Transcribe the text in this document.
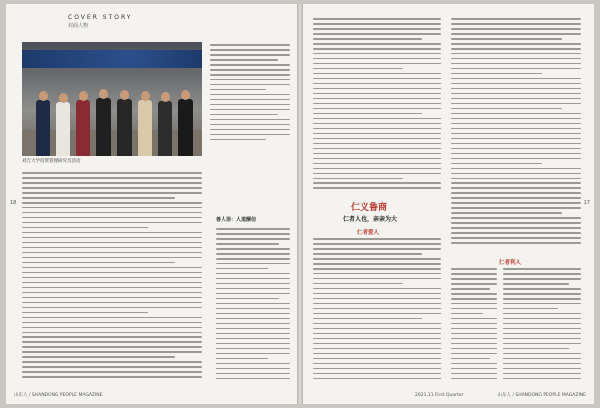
COVER STORY
封面人物
刘吉大学投资管理研究员活动
善人语：人道酬信
18
山东人 / SHANDONG PEOPLE MAGAZINE
仁义鲁商
仁者人也，亲亲为大
仁者爱人
仁者利人
2021.11 First Quarter
17
山东人 / SHANDONG PEOPLE MAGAZINE
